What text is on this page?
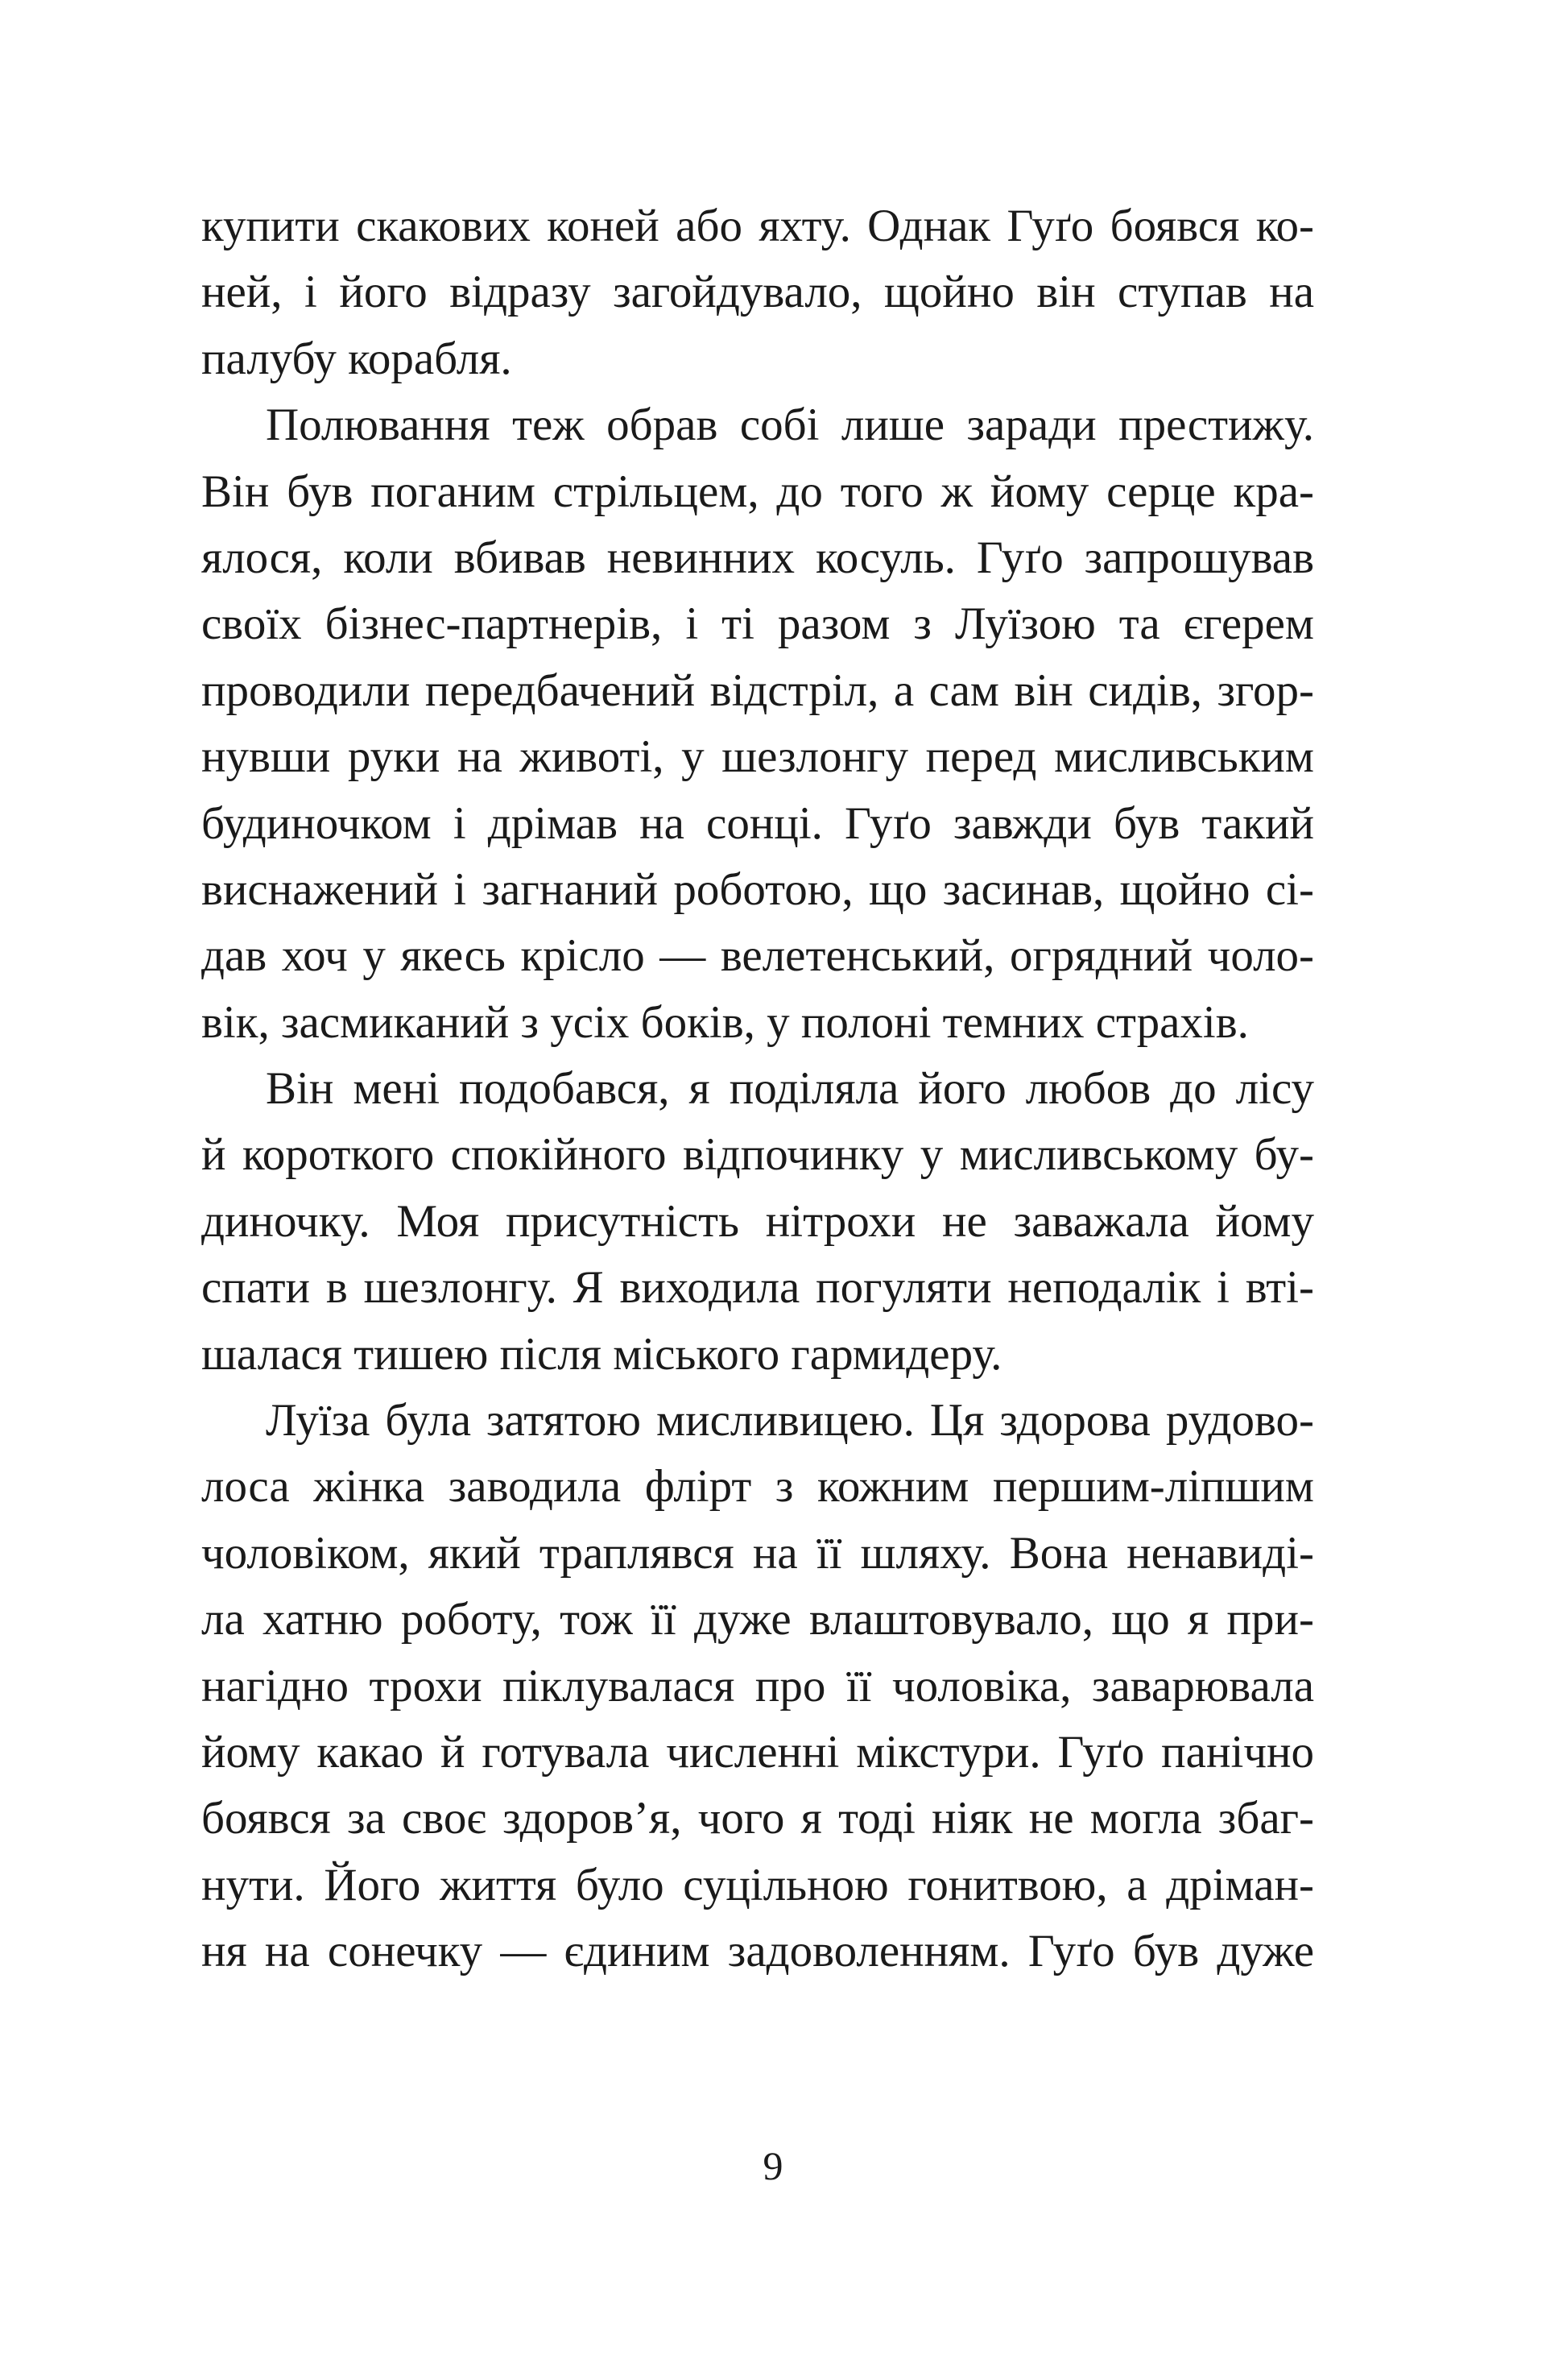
купити скакових коней або яхту. Однак Гуґо боявся ко-
ней, і його відразу загойдувало, щойно він ступав на
палубу корабля.
Полювання теж обрав собі лише заради престижу.
Він був поганим стрільцем, до того ж йому серце кра-
ялося, коли вбивав невинних косуль. Гуґо запрошував
своїх бізнес-партнерів, і ті разом з Луїзою та єгерем
проводили передбачений відстріл, а сам він сидів, згор-
нувши руки на животі, у шезлонгу перед мисливським
будиночком і дрімав на сонці. Гуґо завжди був такий
виснажений і загнаний роботою, що засинав, щойно сі-
дав хоч у якесь крісло — велетенський, огрядний чоло-
вік, засмиканий з усіх боків, у полоні темних страхів.
Він мені подобався, я поділяла його любов до лісу
й короткого спокійного відпочинку у мисливському бу-
диночку. Моя присутність нітрохи не заважала йому
спати в шезлонгу. Я виходила погуляти неподалік і вті-
шалася тишею після міського гармидеру.
Луїза була затятою мисливицею. Ця здорова рудово-
лоса жінка заводила флірт з кожним першим-ліпшим
чоловіком, який траплявся на її шляху. Вона ненавиді-
ла хатню роботу, тож її дуже влаштовувало, що я при-
нагідно трохи піклувалася про її чоловіка, заварювала
йому какао й готувала численні мікстури. Гуґо панічно
боявся за своє здоров’я, чого я тоді ніяк не могла збаг-
нути. Його життя було суцільною гонитвою, а дріман-
ня на сонечку — єдиним задоволенням. Гуґо був дуже
9
